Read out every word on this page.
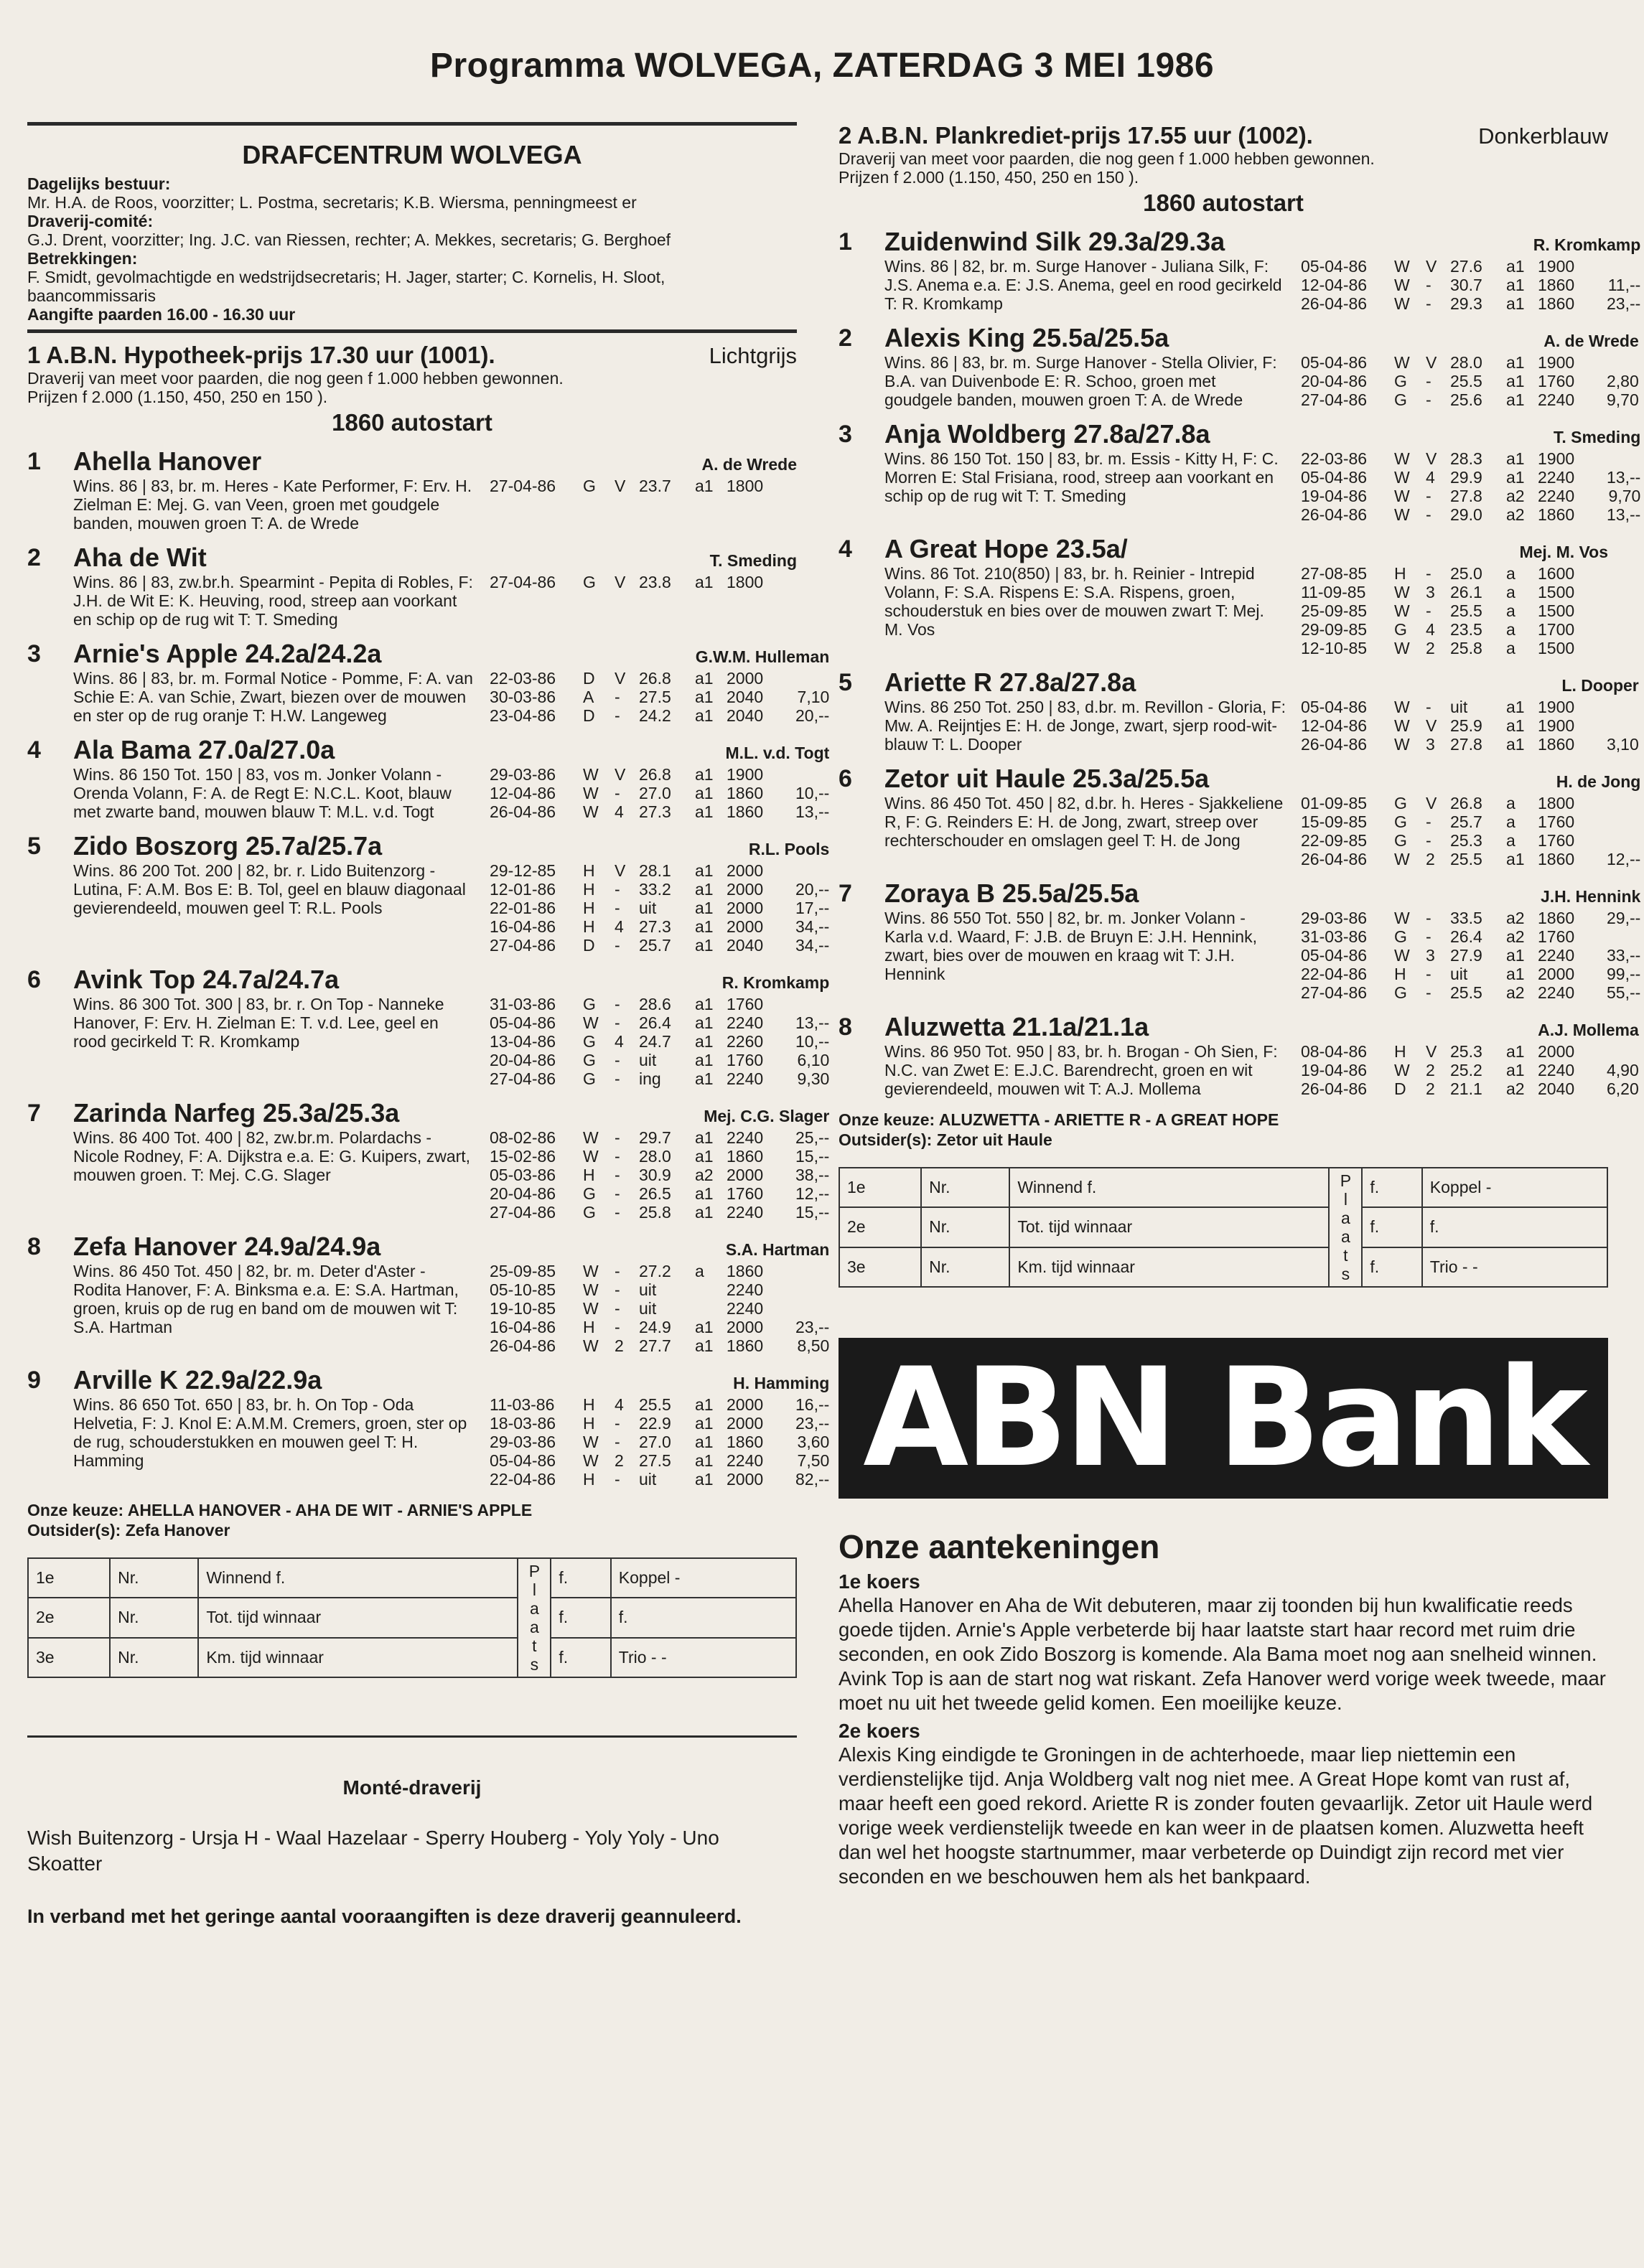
Programma WOLVEGA, ZATERDAG 3 MEI 1986
DRAFCENTRUM WOLVEGA
Dagelijks bestuur:
Mr. H.A. de Roos, voorzitter; L. Postma, secretaris; K.B. Wiersma, penningmeest er
Draverij-comité:
G.J. Drent, voorzitter; Ing. J.C. van Riessen, rechter; A. Mekkes, secretaris; G. Berghoef
Betrekkingen:
F. Smidt, gevolmachtigde en wedstrijdsecretaris; H. Jager, starter; C. Kornelis, H. Sloot, baancommissaris
Aangifte paarden 16.00 - 16.30 uur
1 A.B.N. Hypotheek-prijs 17.30 uur (1001).	Lichtgrijs
Draverij van meet voor paarden, die nog geen f 1.000 hebben gewonnen.
Prijzen f 2.000 (1.150, 450, 250 en 150 ).
1860 autostart
1	Ahella Hanover	A. de Wrede
Wins. 86 | 83, br. m. Heres - Kate Performer, F: Erv. H. Zielman E: Mej. G. van Veen, groen met goudgele banden, mouwen groen T: A. de Wrede
27-04-86	G	V 23.7	a1 1800
2	Aha de Wit	T. Smeding
Wins. 86 | 83, zw.br.h. Spearmint - Pepita di Robles, F: J.H. de Wit E: K. Heuving, rood, streep aan voorkant en schip op de rug wit T: T. Smeding
27-04-86	G	V 23.8	a1 1800
3	Arnie's Apple 24.2a/24.2a	G.W.M. Hulleman
Wins. 86 | 83, br. m. Formal Notice - Pomme, F: A. van Schie E: A. van Schie, Zwart, biezen over de mouwen en ster op de rug oranje T: H.W. Langeweg
22-03-86	D	V 26.8	a1 2000
30-03-86	A	-	27.5	a1 2040	7,10
23-04-86	D	-	24.2	a1 2040	20,--
4	Ala Bama 27.0a/27.0a	M.L. v.d. Togt
Wins. 86 150 Tot. 150 | 83, vos m. Jonker Volann - Orenda Volann, F: A. de Regt E: N.C.L. Koot, blauw met zwarte band, mouwen blauw T: M.L. v.d. Togt
29-03-86	W V 26.8	a1 1900
12-04-86	W -	27.0	a1 1860	10,--
26-04-86	W 4 27.3	a1 1860	13,--
5	Zido Boszorg 25.7a/25.7a	R.L. Pools
Wins. 86 200 Tot. 200 | 82, br. r. Lido Buitenzorg - Lutina, F: A.M. Bos E: B. Tol, geel en blauw diagonaal gevierendeeld, mouwen geel T: R.L. Pools
29-12-85	H	V 28.1	a1 2000
12-01-86	H	-	33.2	a1 2000	20,--
22-01-86	H	-	uit	a1 2000	17,--
16-04-86	H	4 27.3	a1 2000	34,--
27-04-86	D	-	25.7	a1 2040	34,--
6	Avink Top 24.7a/24.7a	R. Kromkamp
Wins. 86 300 Tot. 300 | 83, br. r. On Top - Nanneke Hanover, F: Erv. H. Zielman E: T. v.d. Lee, geel en rood gecirkeld T: R. Kromkamp
31-03-86	G	-	28.6	a1 1760
05-04-86	W -	26.4	a1 2240	13,--
13-04-86	G	4 24.7	a1 2260	10,--
20-04-86	G	-	uit	a1 1760	6,10
27-04-86	G	-	ing	a1 2240	9,30
7	Zarinda Narfeg 25.3a/25.3a	Mej. C.G. Slager
Wins. 86 400 Tot. 400 | 82, zw.br.m. Polardachs - Nicole Rodney, F: A. Dijkstra e.a. E: G. Kuipers, zwart, mouwen groen. T: Mej. C.G. Slager
08-02-86	W -	29.7	a1 2240	25,--
15-02-86	W -	28.0	a1 1860	15,--
05-03-86	H	-	30.9	a2 2000	38,--
20-04-86	G	-	26.5	a1 1760	12,--
27-04-86	G	-	25.8	a1 2240	15,--
8	Zefa Hanover 24.9a/24.9a	S.A. Hartman
Wins. 86 450 Tot. 450 | 82, br. m. Deter d'Aster - Rodita Hanover, F: A. Binksma e.a. E: S.A. Hartman, groen, kruis op de rug en band om de mouwen wit T: S.A. Hartman
25-09-85	W -	27.2	a	1860
05-10-85	W -	uit	2240
19-10-85	W -	uit	2240
16-04-86	H	-	24.9	a1 2000	23,--
26-04-86	W 2 27.7	a1 1860	8,50
9	Arville K 22.9a/22.9a	H. Hamming
Wins. 86 650 Tot. 650 | 83, br. h. On Top - Oda Helvetia, F: J. Knol E: A.M.M. Cremers, groen, ster op de rug, schouderstukken en mouwen geel T: H. Hamming
11-03-86	H	4 25.5	a1 2000	16,--
18-03-86	H	-	22.9	a1 2000	23,--
29-03-86	W -	27.0	a1 1860	3,60
05-04-86	W 2 27.5	a1 2240	7,50
22-04-86	H	-	uit	a1 2000	82,--
Onze keuze: AHELLA HANOVER - AHA DE WIT - ARNIE'S APPLE
Outsider(s): Zefa Hanover
1e	Nr.	Winnend f.	P l a a t s	f.	Koppel -
2e	Nr.	Tot. tijd winnaar		f.	f.
3e	Nr.	Km. tijd winnaar		f.	Trio - -
Monté-draverij
Wish Buitenzorg - Ursja H - Waal Hazelaar - Sperry Houberg - Yoly Yoly - Uno Skoatter
In verband met het geringe aantal vooraangiften is deze draverij geannuleerd.
2 A.B.N. Plankrediet-prijs 17.55 uur (1002).	Donkerblauw
Draverij van meet voor paarden, die nog geen f 1.000 hebben gewonnen.
Prijzen f 2.000 (1.150, 450, 250 en 150 ).
1860 autostart
1	Zuidenwind Silk 29.3a/29.3a	R. Kromkamp
Wins. 86 | 82, br. m. Surge Hanover - Juliana Silk, F: J.S. Anema e.a. E: J.S. Anema, geel en rood gecirkeld T: R. Kromkamp
05-04-86	W V 27.6	a1 1900
12-04-86	W -	30.7	a1 1860	11,--
26-04-86	W -	29.3	a1 1860	23,--
2	Alexis King 25.5a/25.5a	A. de Wrede
Wins. 86 | 83, br. m. Surge Hanover - Stella Olivier, F: B.A. van Duivenbode E: R. Schoo, groen met goudgele banden, mouwen groen T: A. de Wrede
05-04-86	W V 28.0	a1 1900
20-04-86	G	-	25.5	a1 1760	2,80
27-04-86	G	-	25.6	a1 2240	9,70
3	Anja Woldberg 27.8a/27.8a	T. Smeding
Wins. 86 150 Tot. 150 | 83, br. m. Essis - Kitty H, F: C. Morren E: Stal Frisiana, rood, streep aan voorkant en schip op de rug wit T: T. Smeding
22-03-86	W V 28.3	a1 1900
05-04-86	W 4 29.9	a1 2240	13,--
19-04-86	W -	27.8	a2 2240	9,70
26-04-86	W -	29.0	a2 1860	13,--
4	A Great Hope 23.5a/	Mej. M. Vos
Wins. 86 Tot. 210(850) | 83, br. h. Reinier - Intrepid Volann, F: S.A. Rispens E: S.A. Rispens, groen, schouderstuk en bies over de mouwen zwart T: Mej. M. Vos
27-08-85	H	-	25.0	a	1600
11-09-85	W 3 26.1	a	1500
25-09-85	W -	25.5	a	1500
29-09-85	G	4 23.5	a	1700
12-10-85	W 2 25.8	a	1500
5	Ariette R 27.8a/27.8a	L. Dooper
Wins. 86 250 Tot. 250 | 83, d.br. m. Revillon - Gloria, F: Mw. A. Reijntjes E: H. de Jonge, zwart, sjerp rood-wit-blauw T: L. Dooper
05-04-86	W -	uit	a1 1900
12-04-86	W V 25.9	a1 1900
26-04-86	W 3 27.8	a1 1860	3,10
6	Zetor uit Haule 25.3a/25.5a	H. de Jong
Wins. 86 450 Tot. 450 | 82, d.br. h. Heres - Sjakkeliene R, F: G. Reinders E: H. de Jong, zwart, streep over rechterschouder en omslagen geel T: H. de Jong
01-09-85	G	V 26.8	a	1800
15-09-85	G	-	25.7	a	1760
22-09-85	G	-	25.3	a	1760
26-04-86	W 2 25.5	a1 1860	12,--
7	Zoraya B 25.5a/25.5a	J.H. Hennink
Wins. 86 550 Tot. 550 | 82, br. m. Jonker Volann - Karla v.d. Waard, F: J.B. de Bruyn E: J.H. Hennink, zwart, bies over de mouwen en kraag wit T: J.H. Hennink
29-03-86	W -	33.5	a2 1860	29,--
31-03-86	G	-	26.4	a2 1760
05-04-86	W 3 27.9	a1 2240	33,--
22-04-86	H	-	uit	a1 2000	99,--
27-04-86	G	-	25.5	a2 2240	55,--
8	Aluzwetta 21.1a/21.1a	A.J. Mollema
Wins. 86 950 Tot. 950 | 83, br. h. Brogan - Oh Sien, F: N.C. van Zwet E: E.J.C. Barendrecht, groen en wit gevierendeeld, mouwen wit T: A.J. Mollema
08-04-86	H	V 25.3	a1 2000
19-04-86	W 2 25.2	a1 2240	4,90
26-04-86	D	2 21.1	a2 2040	6,20
Onze keuze: ALUZWETTA - ARIETTE R - A GREAT HOPE
Outsider(s): Zetor uit Haule
1e	Nr.	Winnend f.	P l a a t s	f.	Koppel -
2e	Nr.	Tot. tijd winnaar		f.	f.
3e	Nr.	Km. tijd winnaar		f.	Trio - -
ABN Bank
Onze aantekeningen
1e koers
Ahella Hanover en Aha de Wit debuteren, maar zij toonden bij hun kwalificatie reeds goede tijden. Arnie's Apple verbeterde bij haar laatste start haar record met ruim drie seconden, en ook Zido Boszorg is komende. Ala Bama moet nog aan snelheid winnen. Avink Top is aan de start nog wat riskant. Zefa Hanover werd vorige week tweede, maar moet nu uit het tweede gelid komen. Een moeilijke keuze.
2e koers
Alexis King eindigde te Groningen in de achterhoede, maar liep niettemin een verdienstelijke tijd. Anja Woldberg valt nog niet mee. A Great Hope komt van rust af, maar heeft een goed rekord. Ariette R is zonder fouten gevaarlijk. Zetor uit Haule werd vorige week verdienstelijk tweede en kan weer in de plaatsen komen. Aluzwetta heeft dan wel het hoogste startnummer, maar verbeterde op Duindigt zijn record met vier seconden en we beschouwen hem als het bankpaard.
